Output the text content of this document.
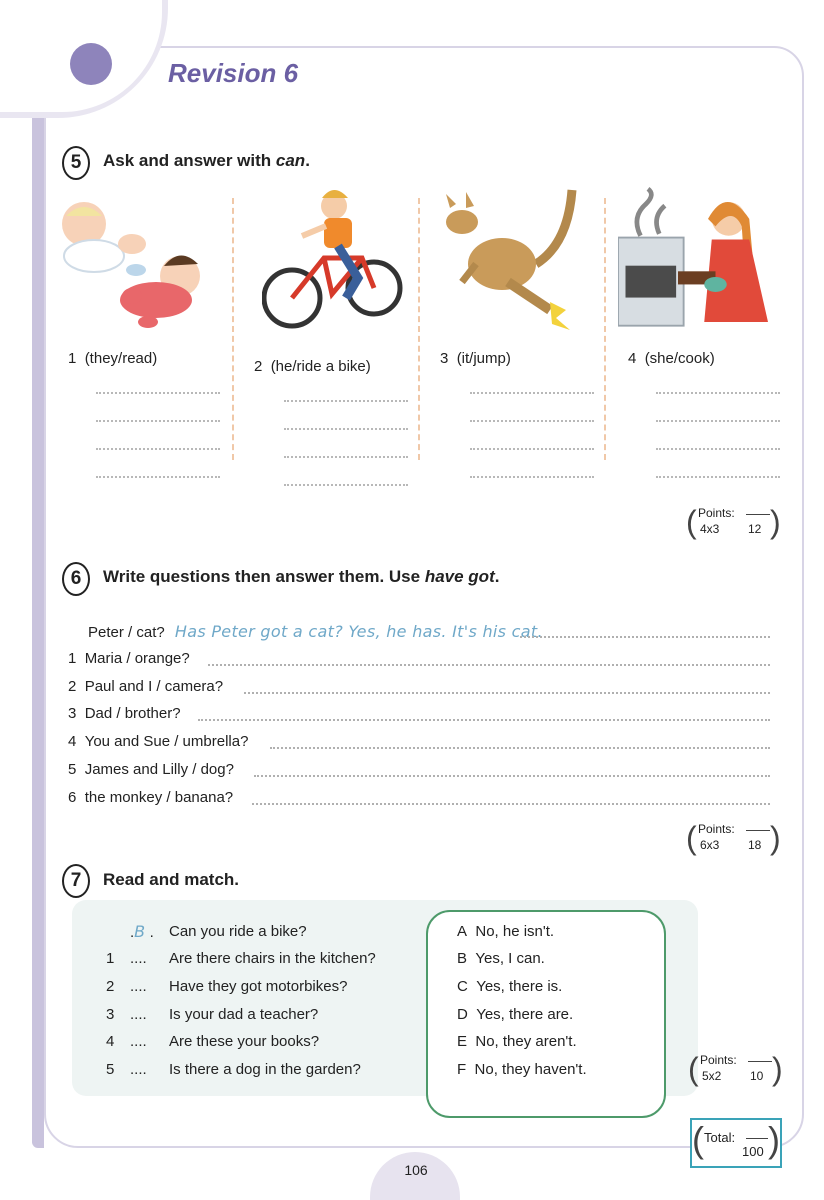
Revision 6
5	Ask and answer with can.
1 (they/read)	2 (he/ride a bike)	3 (it/jump)	4 (she/cook)
( Points:
4x3 12 )
6	Write questions then answer them. Use have got.
Peter / cat? Has Peter got a cat? Yes, he has. It's his cat.
1 Maria / orange?
2 Paul and I / camera?
3 Dad / brother?
4 You and Sue / umbrella?
5 James and Lilly / dog?
6 the monkey / banana?
( Points:
6x3 18 )
7	Read and match.
.B . Can you ride a bike?
1 .... Are there chairs in the kitchen?
2 .... Have they got motorbikes?
3 .... Is your dad a teacher?
4 .... Are these your books?
5 .... Is there a dog in the garden?
A No, he isn't.
B Yes, I can.
C Yes, there is.
D Yes, there are.
E No, they aren't.
F No, they haven't.	( Points:
5x2 10 )
( Total:
100 )
106
